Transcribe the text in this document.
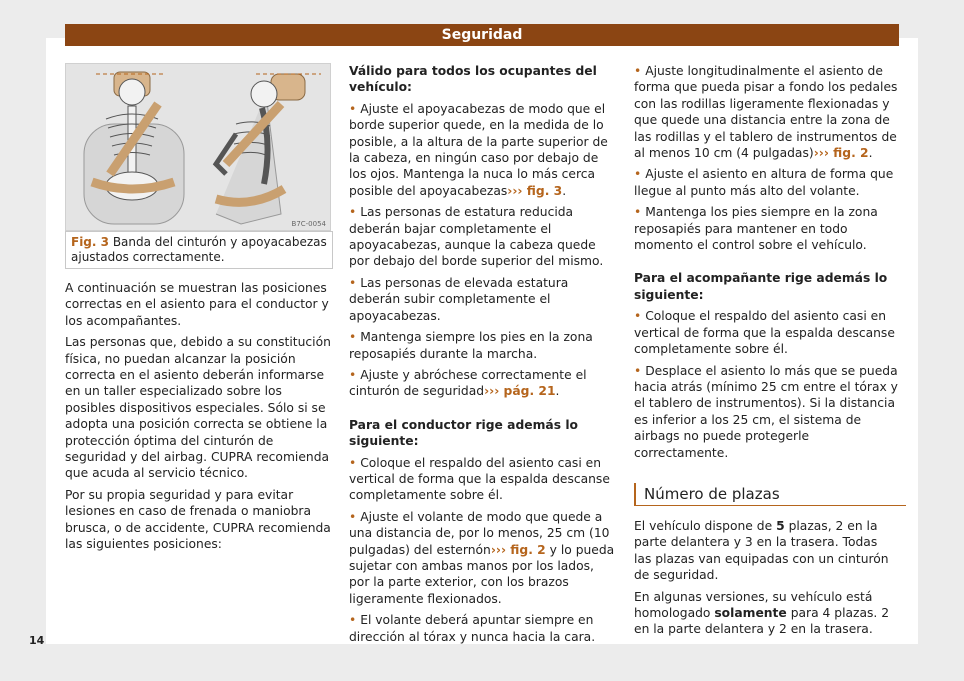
Seguridad
B7C-0054
Fig. 3 Banda del cinturón y apoyacabezas ajustados correctamente.

A continuación se muestran las posiciones correctas en el asiento para el conductor y los acompañantes.

Las personas que, debido a su constitución física, no puedan alcanzar la posición correcta en el asiento deberán informarse en un taller especializado sobre los posibles dispositivos especiales. Sólo si se adopta una posición correcta se obtiene la protección óptima del cinturón de seguridad y del airbag. CUPRA recomienda que acuda al servicio técnico.

Por su propia seguridad y para evitar lesiones en caso de frenada o maniobra brusca, o de accidente, CUPRA recomienda las siguientes posiciones:

Válido para todos los ocupantes del vehículo:

• Ajuste el apoyacabezas de modo que el borde superior quede, en la medida de lo posible, a la altura de la parte superior de la cabeza, en ningún caso por debajo de los ojos. Mantenga la nuca lo más cerca posible del apoyacabezas››› fig. 3.

• Las personas de estatura reducida deberán bajar completamente el apoyacabezas, aunque la cabeza quede por debajo del borde superior del mismo.

• Las personas de elevada estatura deberán subir completamente el apoyacabezas.

• Mantenga siempre los pies en la zona reposapiés durante la marcha.

• Ajuste y abróchese correctamente el cinturón de seguridad››› pág. 21.

Para el conductor rige además lo siguiente:

• Coloque el respaldo del asiento casi en vertical de forma que la espalda descanse completamente sobre él.

• Ajuste el volante de modo que quede a una distancia de, por lo menos, 25 cm (10 pulgadas) del esternón››› fig. 2 y lo pueda sujetar con ambas manos por los lados, por la parte exterior, con los brazos ligeramente flexionados.

• El volante deberá apuntar siempre en dirección al tórax y nunca hacia la cara.

• Ajuste longitudinalmente el asiento de forma que pueda pisar a fondo los pedales con las rodillas ligeramente flexionadas y que quede una distancia entre la zona de las rodillas y el tablero de instrumentos de al menos 10 cm (4 pulgadas)››› fig. 2.

• Ajuste el asiento en altura de forma que llegue al punto más alto del volante.

• Mantenga los pies siempre en la zona reposapiés para mantener en todo momento el control sobre el vehículo.

Para el acompañante rige además lo siguiente:

• Coloque el respaldo del asiento casi en vertical de forma que la espalda descanse completamente sobre él.

• Desplace el asiento lo más que se pueda hacia atrás (mínimo 25 cm entre el tórax y el tablero de instrumentos). Si la distancia es inferior a los 25 cm, el sistema de airbags no puede protegerle correctamente.

Número de plazas

El vehículo dispone de 5 plazas, 2 en la parte delantera y 3 en la trasera. Todas las plazas van equipadas con un cinturón de seguridad.

En algunas versiones, su vehículo está homologado solamente para 4 plazas. 2 en la parte delantera y 2 en la trasera.

14
